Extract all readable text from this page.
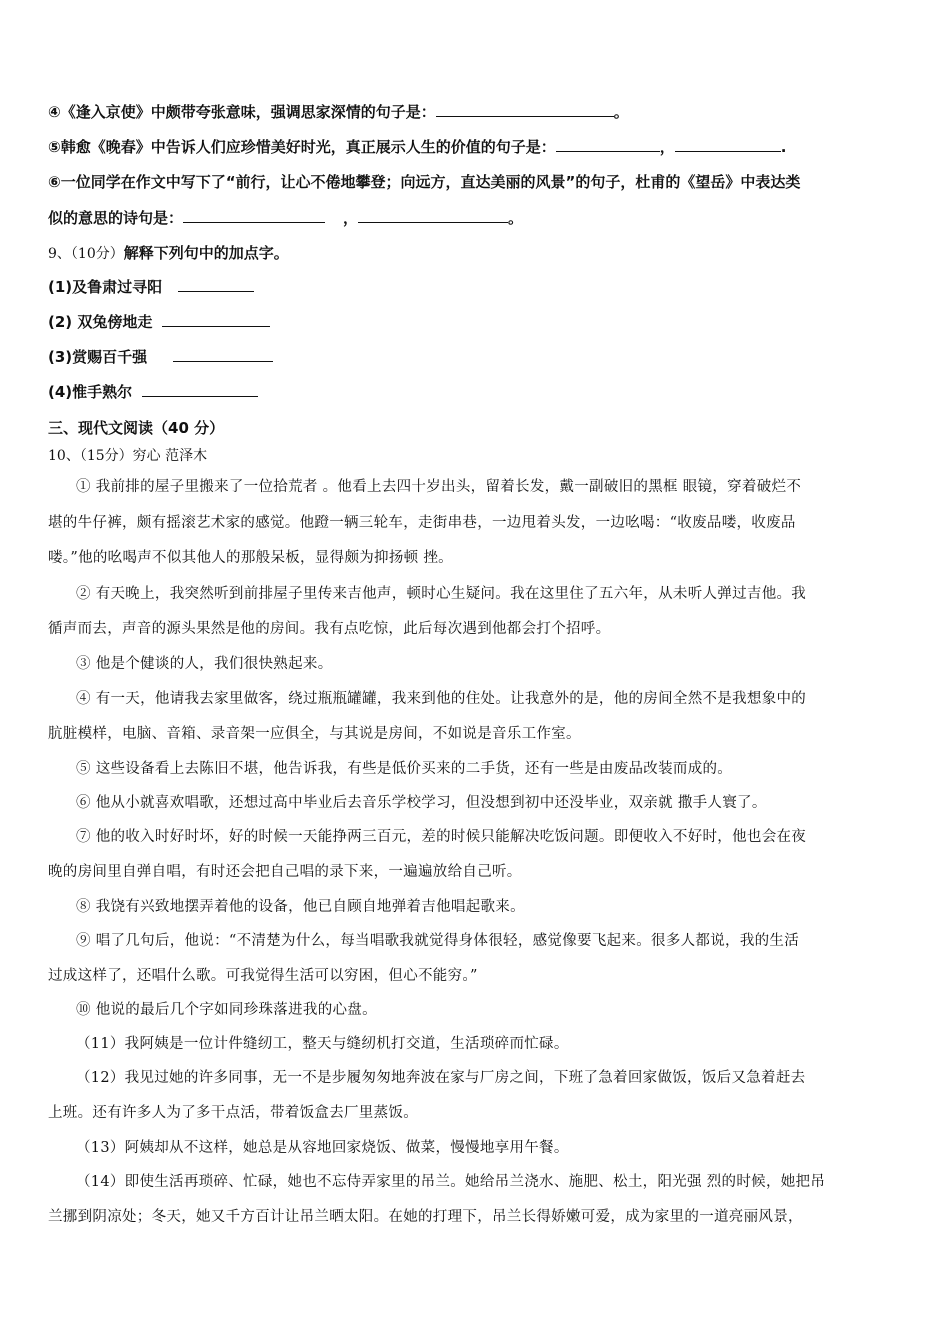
④《逢入京使》中颇带夸张意味，强调思家深情的句子是：	。
⑤韩愈《晚春》中告诉人们应珍惜美好时光，真正展示人生的价值的句子是：	，	.
⑥一位同学在作文中写下了“前行，让心不倦地攀登；向远方，直达美丽的风景”的句子，杜甫的《望岳》中表达类
似的意思的诗句是：	，	。
9、（10分）解释下列句中的加点字。
(1)及鲁肃过寻阳
(2) 双兔傍地走
(3)赏赐百千强
(4)惟手熟尔
三、现代文阅读（40 分）
10、（15分）穷心 范泽木
① 我前排的屋子里搬来了一位拾荒者 。他看上去四十岁出头，留着长发，戴一副破旧的黑框 眼镜，穿着破烂不
堪的牛仔裤，颇有摇滚艺术家的感觉。他蹬一辆三轮车，走街串巷，一边甩着头发，一边吆喝：“收废品喽，收废品
喽。”他的吆喝声不似其他人的那般呆板，显得颇为抑扬顿 挫。
② 有天晚上，我突然听到前排屋子里传来吉他声，顿时心生疑问。我在这里住了五六年，从未听人弹过吉他。我
循声而去，声音的源头果然是他的房间。我有点吃惊，此后每次遇到他都会打个招呼。
③ 他是个健谈的人，我们很快熟起来。
④ 有一天，他请我去家里做客，绕过瓶瓶罐罐，我来到他的住处。让我意外的是，他的房间全然不是我想象中的
肮脏模样，电脑、音箱、录音架一应俱全，与其说是房间，不如说是音乐工作室。
⑤ 这些设备看上去陈旧不堪，他告诉我，有些是低价买来的二手货，还有一些是由废品改装而成的。
⑥ 他从小就喜欢唱歌，还想过高中毕业后去音乐学校学习，但没想到初中还没毕业，双亲就 撒手人寰了。
⑦ 他的收入时好时坏，好的时候一天能挣两三百元，差的时候只能解决吃饭问题。即便收入不好时，他也会在夜
晚的房间里自弹自唱，有时还会把自己唱的录下来，一遍遍放给自己听。
⑧ 我饶有兴致地摆弄着他的设备，他已自顾自地弹着吉他唱起歌来。
⑨ 唱了几句后，他说：“不清楚为什么，每当唱歌我就觉得身体很轻，感觉像要飞起来。很多人都说，我的生活
过成这样了，还唱什么歌。可我觉得生活可以穷困，但心不能穷。”
⑩ 他说的最后几个字如同珍珠落进我的心盘。
（11）我阿姨是一位计件缝纫工，整天与缝纫机打交道，生活琐碎而忙碌。
（12）我见过她的许多同事，无一不是步履匆匆地奔波在家与厂房之间，下班了急着回家做饭，饭后又急着赶去
上班。还有许多人为了多干点活，带着饭盒去厂里蒸饭。
（13）阿姨却从不这样，她总是从容地回家烧饭、做菜，慢慢地享用午餐。
（14）即使生活再琐碎、忙碌，她也不忘侍弄家里的吊兰。她给吊兰浇水、施肥、松土，阳光强 烈的时候，她把吊
兰挪到阴凉处；冬天，她又千方百计让吊兰晒太阳。在她的打理下，吊兰长得娇嫩可爱，成为家里的一道亮丽风景，
